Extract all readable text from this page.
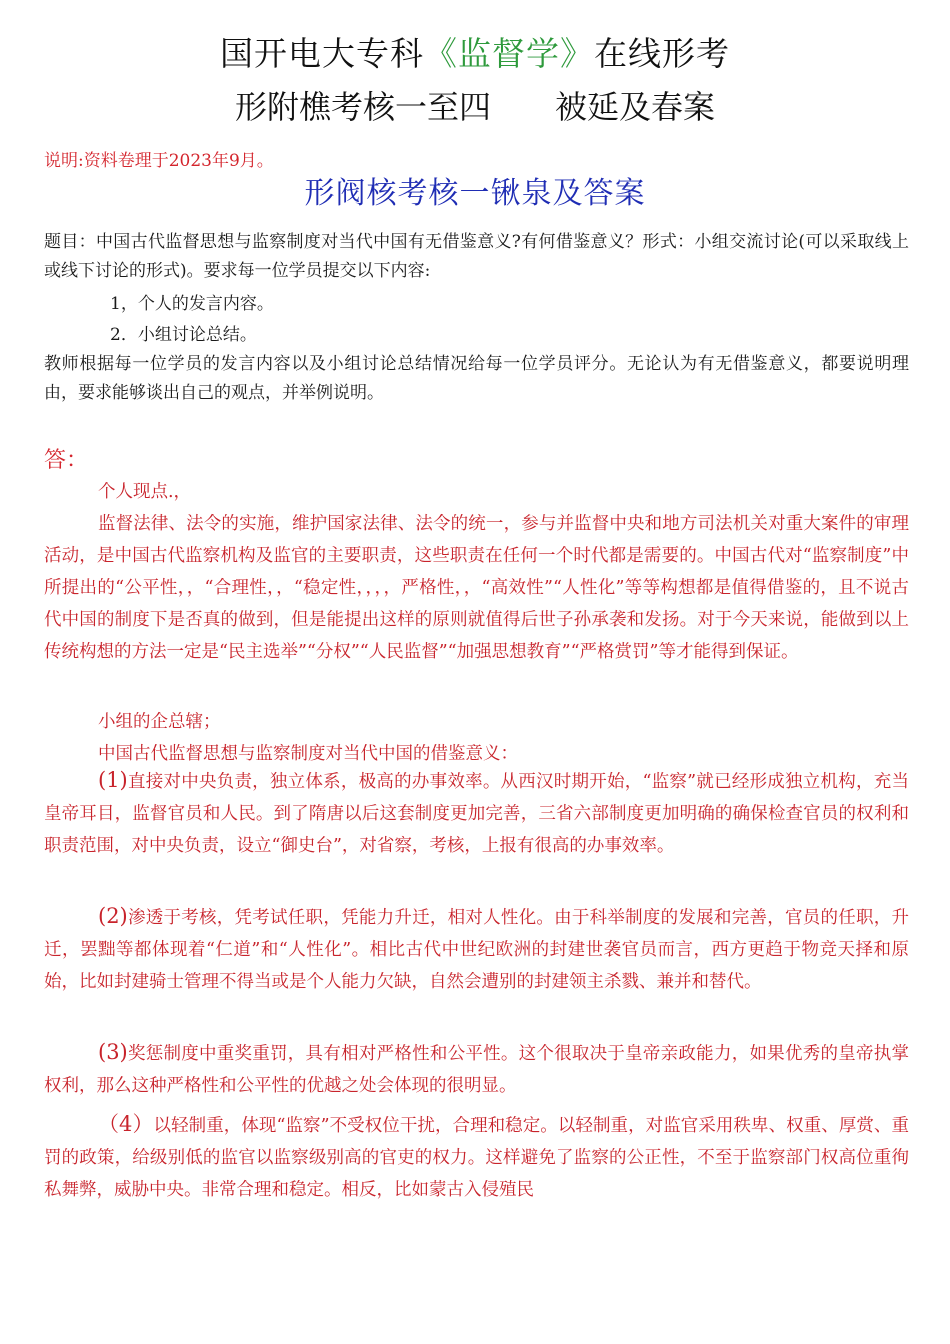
国开电大专科《监督学》在线形考
形附樵考核一至四　　被延及春案
说明:资料卷理于2023年9月。
形阀核考核一锹泉及答案
题目：中国古代监督思想与监察制度对当代中国有无借鉴意义?有何借鉴意义？形式：小组交流讨论(可以采取线上或线下讨论的形式)。要求每一位学员提交以下内容:
1，个人的发言内容。
2．小组讨论总结。
教师根据每一位学员的发言内容以及小组讨论总结情况给每一位学员评分。无论认为有无借鉴意义，都要说明理由，要求能够谈出自己的观点，并举例说明。
答：
个人现点.，
监督法律、法令的实施，维护国家法律、法令的统一，参与并监督中央和地方司法机关对重大案件的审理活动，是中国古代监察机构及监官的主要职责，这些职责在任何一个时代都是需要的。中国古代对“监察制度”中所提出的“公平性，，“合理性，，“稳定性，，，，严格性，，“高效性”“人性化”等等构想都是值得借鉴的，且不说古代中国的制度下是否真的做到，但是能提出这样的原则就值得后世子孙承袭和发扬。对于今天来说，能做到以上传统构想的方法一定是“民主选举”“分权”“人民监督”“加强思想教育”“严格赏罚”等才能得到保证。
小组的企总辖；
中国古代监督思想与监察制度对当代中国的借鉴意义：
(1)直接对中央负责，独立体系，极高的办事效率。从西汉时期开始，“监察”就已经形成独立机构，充当皇帝耳目，监督官员和人民。到了隋唐以后这套制度更加完善，三省六部制度更加明确的确保检查官员的权利和职责范围，对中央负责，设立“御史台”，对省察，考核，上报有很高的办事效率。
(2)渗透于考核，凭考试任职，凭能力升迁，相对人性化。由于科举制度的发展和完善，官员的任职，升迁，罢黜等都体现着“仁道”和“人性化”。相比古代中世纪欧洲的封建世袭官员而言，西方更趋于物竞天择和原始，比如封建骑士管理不得当或是个人能力欠缺，自然会遭别的封建领主杀戮、兼并和替代。
(3)奖惩制度中重奖重罚，具有相对严格性和公平性。这个很取决于皇帝亲政能力，如果优秀的皇帝执掌权利，那么这种严格性和公平性的优越之处会体现的很明显。
（4）以轻制重，体现“监察”不受权位干扰，合理和稳定。以轻制重，对监官采用秩卑、权重、厚赏、重罚的政策，给级别低的监官以监察级别高的官吏的权力。这样避免了监察的公正性，不至于监察部门权高位重徇私舞弊，威胁中央。非常合理和稳定。相反，比如蒙古入侵殖民
